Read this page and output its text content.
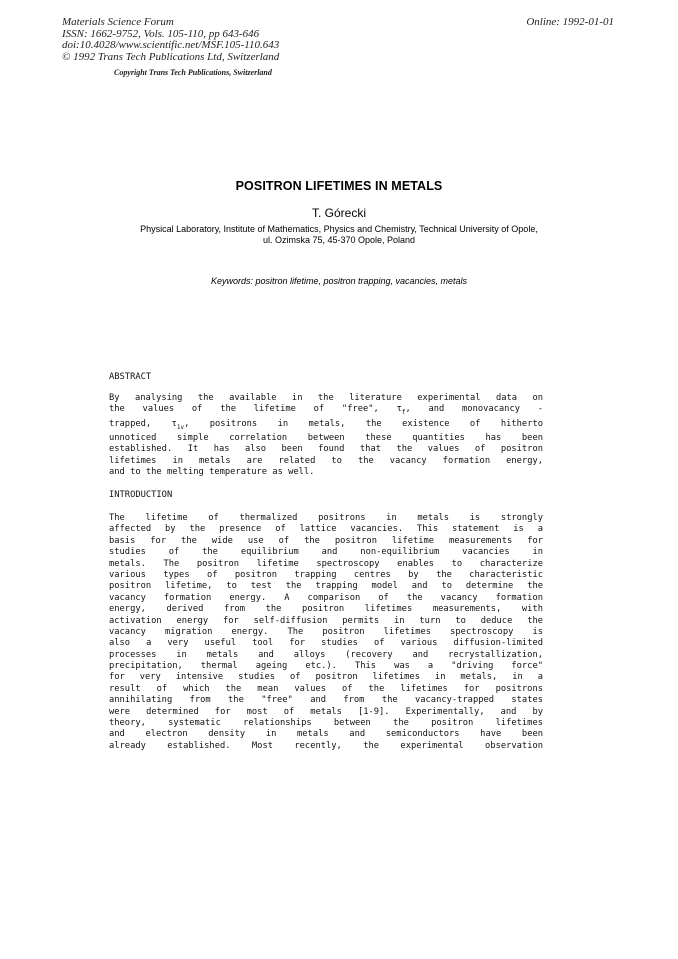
Materials Science Forum
ISSN: 1662-9752, Vols. 105-110, pp 643-646
doi:10.4028/www.scientific.net/MSF.105-110.643
© 1992 Trans Tech Publications Ltd, Switzerland
Online: 1992-01-01
Copyright Trans Tech Publications, Switzerland
POSITRON LIFETIMES IN METALS
T. Górecki
Physical Laboratory, Institute of Mathematics, Physics and Chemistry, Technical University of Opole,
ul. Ozimska 75, 45-370 Opole, Poland
Keywords: positron lifetime, positron trapping, vacancies, metals
ABSTRACT
By analysing the available in the literature experimental data on
the values of the lifetime of "free", $\tau_f$, and monovacancy -
trapped, $\tau_{1v}$, positrons in metals, the existence of hitherto
unnoticed simple correlation between these quantities has been
established. It has also been found that the values of positron
lifetimes in metals are related to the vacancy formation energy,
and to the melting temperature as well.
INTRODUCTION
The lifetime of thermalized positrons in metals is strongly
affected by the presence of lattice vacancies. This statement is a
basis for the wide use of the positron lifetime measurements for
studies of the equilibrium and non-equilibrium vacancies in
metals. The positron lifetime spectroscopy enables to characterize
various types of positron trapping centres by the characteristic
positron lifetime, to test the trapping model and to determine the
vacancy formation energy. A comparison of the vacancy formation
energy, derived from the positron lifetimes measurements, with
activation energy for self-diffusion permits in turn to deduce the
vacancy migration energy. The positron lifetimes spectroscopy is
also a very useful tool for studies of various diffusion-limited
processes in metals and alloys (recovery and recrystallization,
precipitation, thermal ageing etc.). This was a "driving force"
for very intensive studies of positron lifetimes in metals, in a
result of which the mean values of the lifetimes for positrons
annihilating from the "free" and from the vacancy-trapped states
were determined for most of metals [1-9]. Experimentally, and by
theory, systematic relationships between the positron lifetimes
and electron density in metals and semiconductors have been
already established. Most recently, the experimental observation
